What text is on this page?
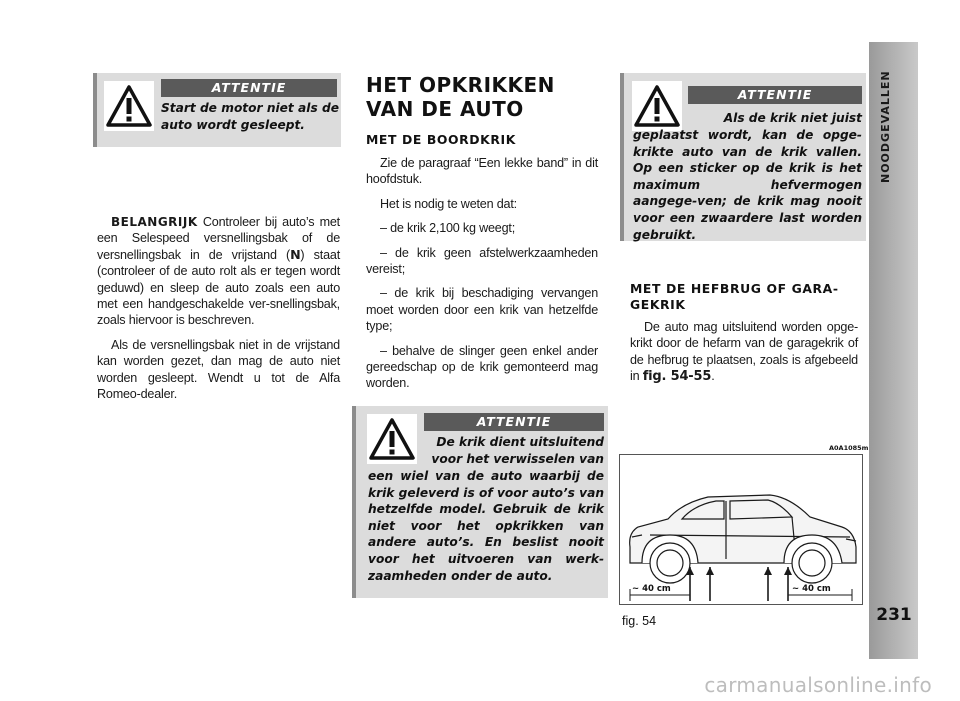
NOODGEVALLEN
231
ATTENTIE
Start de motor niet als de auto wordt gesleept.

BELANGRIJK Controleer bij auto’s met een Selespeed versnellingsbak of de versnellingsbak in de vrijstand (N) staat (controleer of de auto rolt als er tegen wordt geduwd) en sleep de auto zoals een auto met een handgeschakelde ver-snellingsbak, zoals hiervoor is beschreven.

Als de versnellingsbak niet in de vrijstand kan worden gezet, dan mag de auto niet worden gesleept. Wendt u tot de Alfa Romeo-dealer.

HET OPKRIKKEN VAN DE AUTO
MET DE BOORDKRIK

Zie de paragraaf “Een lekke band” in dit hoofdstuk.

Het is nodig te weten dat:

– de krik 2,100 kg weegt;

– de krik geen afstelwerkzaamheden vereist;

– de krik bij beschadiging vervangen moet worden door een krik van hetzelfde type;

– behalve de slinger geen enkel ander gereedschap op de krik gemonteerd mag worden.

ATTENTIE
De krik dient uitsluitend
voor het verwisselen van
een wiel van de auto waarbij de krik geleverd is of voor auto’s van hetzelfde model. Gebruik de krik niet voor het opkrikken van andere auto’s. En beslist nooit voor het uitvoeren van werk-zaamheden onder de auto.
ATTENTIE
Als de krik niet juist
geplaatst wordt, kan de opge-krikte auto van de krik vallen. Op een sticker op de krik is het maximum hefvermogen aangege-ven; de krik mag nooit voor een zwaardere last worden gebruikt.
MET DE HEFBRUG OF GARA-GEKRIK

De auto mag uitsluitend worden opge-krikt door de hefarm van de garagekrik of de hefbrug te plaatsen, zoals is afgebeeld in fig. 54-55.

A0A1085m
~ 40 cm	~ 40 cm
fig. 54
carmanualsonline.info
